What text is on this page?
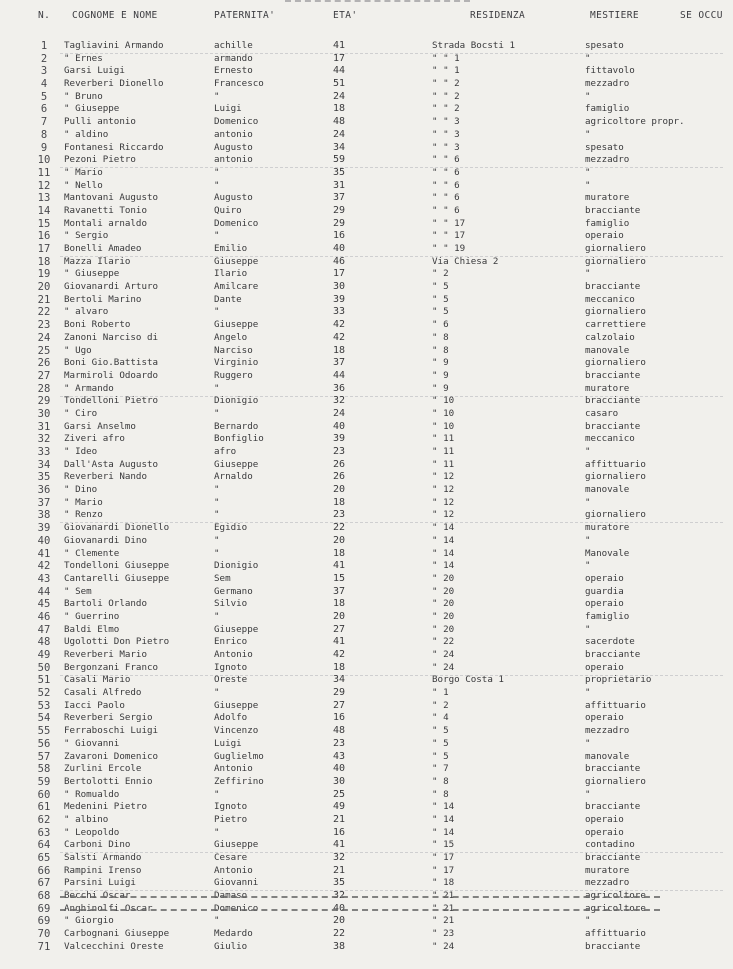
N. COGNOME E NOME	PATERNITA'	ETA'	RESIDENZA	MESTIERE	SE OCCU
1	Tagliavini Armando	achille	41	Strada Bocsti 1	spesato
2	" Ernes	armando	17	" " 1	"
3	Garsi Luigi	Ernesto	44	" " 1	fittavolo
4	Reverberi Dionello	Francesco	51	" " 2	mezzadro
5	" Bruno	"	24	" " 2	"
6	" Giuseppe	Luigi	18	" " 2	famiglio
7	Pulli antonio	Domenico	48	" " 3	agricoltore propr.
8	" aldino	antonio	24	" " 3	"
9	Fontanesi Riccardo	Augusto	34	" " 3	spesato
10	Pezoni Pietro	antonio	59	" " 6	mezzadro
11	" Mario	"	35	" " 6	"
12	" Nello	"	31	" " 6	"
13	Mantovani Augusto	Augusto	37	" " 6	muratore
14	Ravanetti Tonio	Quiro	29	" " 6	bracciante
15	Montali arnaldo	Domenico	29	" " 17	famiglio
16	" Sergio	"	16	" " 17	operaio
17	Bonelli Amadeo	Emilio	40	" " 19	giornaliero
18	Mazza Ilario	Giuseppe	46	Via Chiesa 2	giornaliero
19	" Giuseppe	Ilario	17	" 2	"
20	Giovanardi Arturo	Amilcare	30	" 5	bracciante
21	Bertoli Marino	Dante	39	" 5	meccanico
22	" alvaro	"	33	" 5	giornaliero
23	Boni Roberto	Giuseppe	42	" 6	carrettiere
24	Zanoni Narciso di	Angelo	42	" 8	calzolaio
25	" Ugo	Narciso	18	" 8	manovale
26	Boni Gio.Battista	Virginio	37	" 9	giornaliero
27	Marmiroli Odoardo	Ruggero	44	" 9	bracciante
28	" Armando	"	36	" 9	muratore
29	Tondelloni Pietro	Dionigio	32	" 10	bracciante
30	" Ciro	"	24	" 10	casaro
31	Garsi Anselmo	Bernardo	40	" 10	bracciante
32	Ziveri afro	Bonfiglio	39	" 11	meccanico
33	" Ideo	afro	23	" 11	"
34	Dall'Asta Augusto	Giuseppe	26	" 11	affittuario
35	Reverberi Nando	Arnaldo	26	" 12	giornaliero
36	" Dino	"	20	" 12	manovale
37	" Mario	"	18	" 12	"
38	" Renzo	"	23	" 12	giornaliero
39	Giovanardi Dionello	Egidio	22	" 14	muratore
40	Giovanardi Dino	"	20	" 14	"
41	" Clemente	"	18	" 14	Manovale
42	Tondelloni Giuseppe	Dionigio	41	" 14	"
43	Cantarelli Giuseppe	Sem	15	" 20	operaio
44	" Sem	Germano	37	" 20	guardia
45	Bartoli Orlando	Silvio	18	" 20	operaio
46	" Guerrino	"	20	" 20	famiglio
47	Baldi Elmo	Giuseppe	27	" 20	"
48	Ugolotti Don Pietro	Enrico	41	" 22	sacerdote
49	Reverberi Mario	Antonio	42	" 24	bracciante
50	Bergonzani Franco	Ignoto	18	" 24	operaio
51	Casali Mario	Oreste	34	Borgo Costa 1	proprietario
52	Casali Alfredo	"	29	" 1	"
53	Iacci Paolo	Giuseppe	27	" 2	affittuario
54	Reverberi Sergio	Adolfo	16	" 4	operaio
55	Ferraboschi Luigi	Vincenzo	48	" 5	mezzadro
56	" Giovanni	Luigi	23	" 5	"
57	Zavaroni Domenico	Guglielmo	43	" 5	manovale
58	Zurlini Ercole	Antonio	40	" 7	bracciante
59	Bertolotti Ennio	Zeffirino	30	" 8	giornaliero
60	" Romualdo	"	25	" 8	"
61	Medenini Pietro	Ignoto	49	" 14	bracciante
62	" albino	Pietro	21	" 14	operaio
63	" Leopoldo	"	16	" 14	operaio
64	Carboni Dino	Giuseppe	41	" 15	contadino
65	Salsti Armando	Cesare	32	" 17	bracciante
66	Rampini Irenso	Antonio	21	" 17	muratore
67	Parsini Luigi	Giovanni	35	" 18	mezzadro
68	Becchi Oscar	Damaso	32	" 21	agricoltore
69	Anghinolfi Oscar	Domenico	40	" 21	agricoltore
69	" Giorgio	"	20	" 21	"
70	Carbognani Giuseppe	Medardo	22	" 23	affittuario
71	Valcecchini Oreste	Giulio	38	" 24	bracciante
